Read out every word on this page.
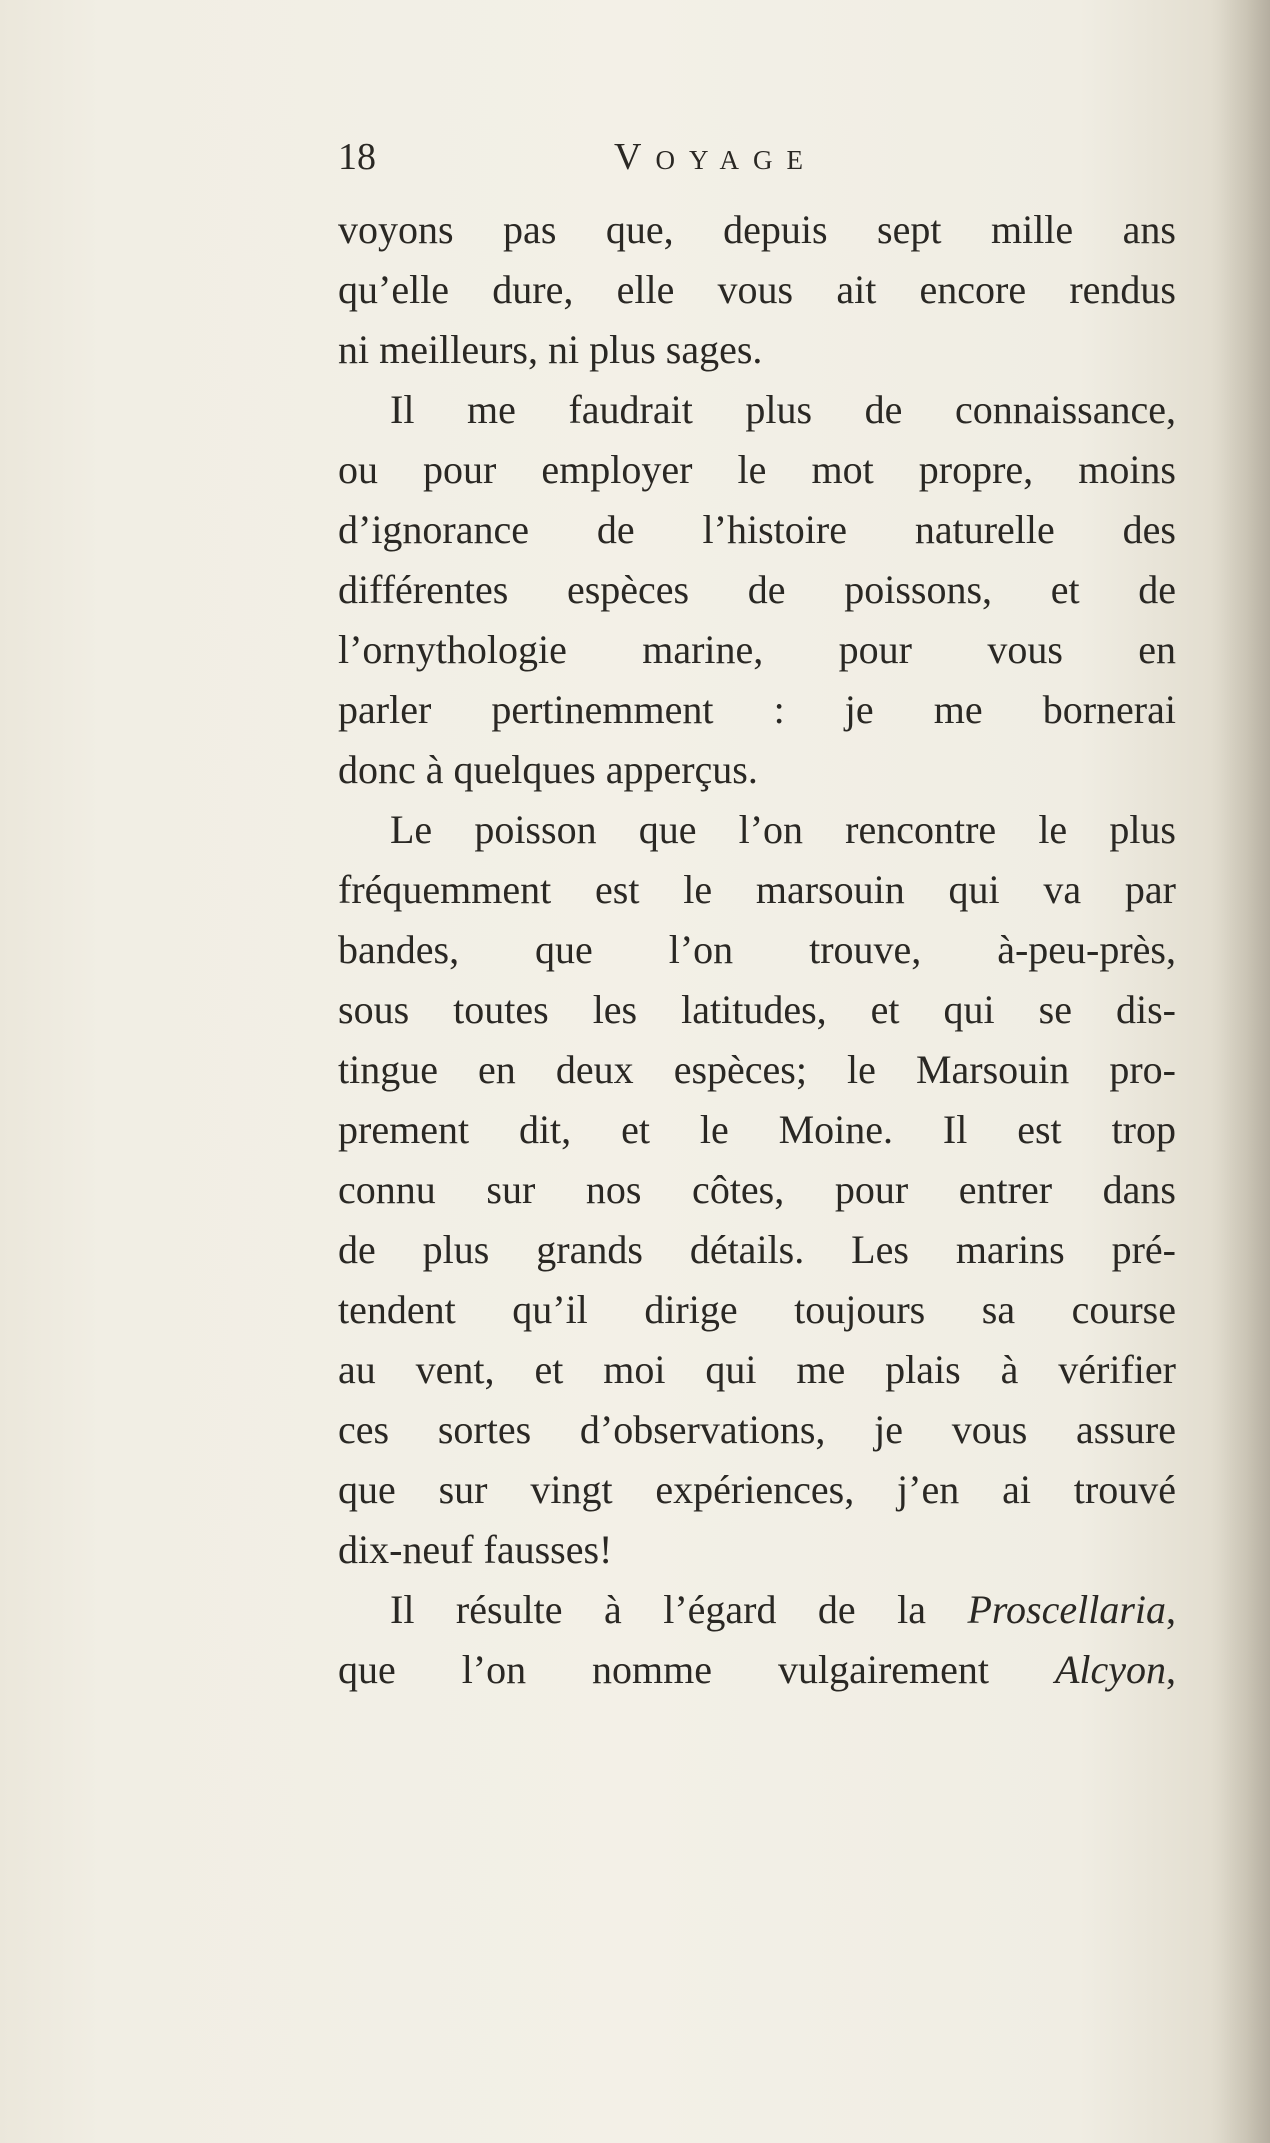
18	Voyage
voyons pas que, depuis sept mille ans
qu’elle dure, elle vous ait encore rendus
ni meilleurs, ni plus sages.
Il me faudrait plus de connaissance,
ou pour employer le mot propre, moins
d’ignorance de l’histoire naturelle des
différentes espèces de poissons, et de
l’ornythologie marine, pour vous en
parler pertinemment : je me bornerai
donc à quelques apperçus.
Le poisson que l’on rencontre le plus
fréquemment est le marsouin qui va par
bandes, que l’on trouve, à-peu-près,
sous toutes les latitudes, et qui se dis-
tingue en deux espèces; le Marsouin pro-
prement dit, et le Moine. Il est trop
connu sur nos côtes, pour entrer dans
de plus grands détails. Les marins pré-
tendent qu’il dirige toujours sa course
au vent, et moi qui me plais à vérifier
ces sortes d’observations, je vous assure
que sur vingt expériences, j’en ai trouvé
dix-neuf fausses!
Il résulte à l’égard de la Proscellaria,
que l’on nomme vulgairement Alcyon,
